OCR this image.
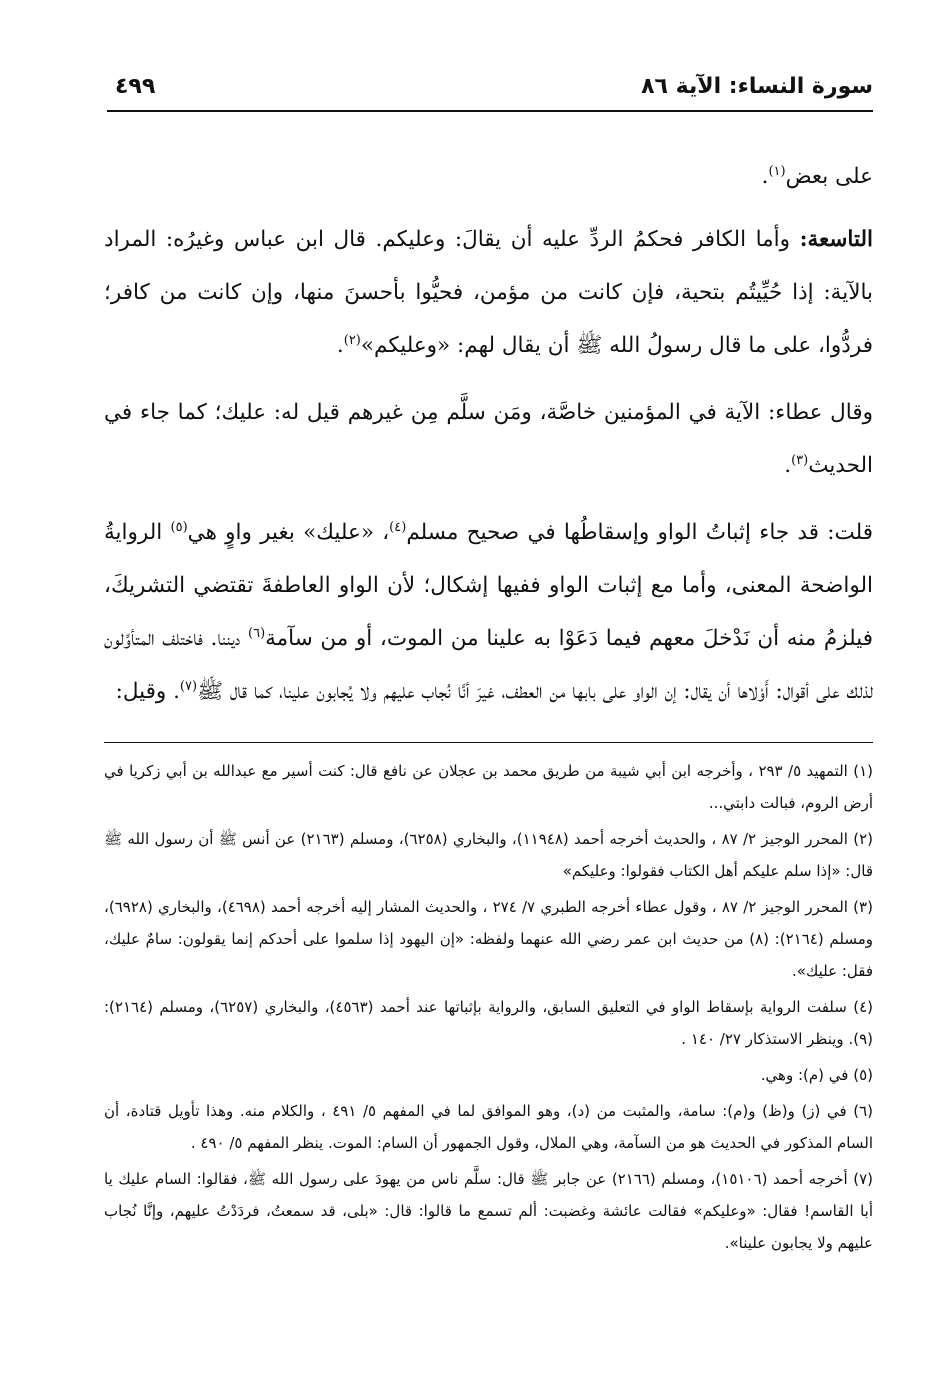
سورة النساء: الآية ٨٦
٤٩٩

على بعض$^{(١)}$.

التاسعة: وأما الكافر فحكمُ الردِّ عليه أن يقالَ: وعليكم. قال ابن عباس وغيرُه: المراد بالآية: إذا حُيِّيتُم بتحية، فإن كانت من مؤمن، فحيُّوا بأحسنَ منها، وإن كانت من كافر؛ فردُّوا، على ما قال رسولُ الله ﷺ أن يقال لهم: «وعليكم»$^{(٢)}$.

وقال عطاء: الآية في المؤمنين خاصَّة، ومَن سلَّم مِن غيرهم قيل له: عليك؛ كما جاء في الحديث$^{(٣)}$.

قلت: قد جاء إثباتُ الواو وإسقاطُها في صحيح مسلم$^{(٤)}$، «عليك» بغير واوٍ هي$^{(٥)}$ الروايةُ الواضحة المعنى، وأما مع إثبات الواو ففيها إشكال؛ لأن الواو العاطفةَ تقتضي التشريكَ، فيلزمُ منه أن نَدْخلَ معهم فيما دَعَوْا به علينا من الموت، أو من سآمة$^{(٦)}$ ديننا. فاختلف المتأوِّلون لذلك على أقوال: أَوْلاها أن يقال: إن الواو على بابها من العطف، غيرَ أنَّا نُجاب عليهم ولا يُجابون علينا، كما قال ﷺ$^{(٧)}$. وقيل:

(١) التمهيد ٥/ ٢٩٣ ، وأخرجه ابن أبي شيبة من طريق محمد بن عجلان عن نافع قال: كنت أسير مع عبدالله بن أبي زكريا في أرض الروم، فبالت دابتي...

(٢) المحرر الوجيز ٢/ ٨٧ ، والحديث أخرجه أحمد (١١٩٤٨)، والبخاري (٦٢٥٨)، ومسلم (٢١٦٣) عن أنس ﷺ أن رسول الله ﷺ قال: «إذا سلم عليكم أهل الكتاب فقولوا: وعليكم»

(٣) المحرر الوجيز ٢/ ٨٧ ، وقول عطاء أخرجه الطبري ٧/ ٢٧٤ ، والحديث المشار إليه أخرجه أحمد (٤٦٩٨)، والبخاري (٦٩٢٨)، ومسلم (٢١٦٤): (٨) من حديث ابن عمر رضي الله عنهما ولفظه: «إن اليهود إذا سلموا على أحدكم إنما يقولون: سامٌ عليك، فقل: عليك».

(٤) سلفت الرواية بإسقاط الواو في التعليق السابق، والرواية بإثباتها عند أحمد (٤٥٦٣)، والبخاري (٦٢٥٧)، ومسلم (٢١٦٤): (٩). وينظر الاستذكار ٢٧/ ١٤٠ .

(٥) في (م): وهي.

(٦) في (ز) و(ظ) و(م): سامة، والمثبت من (د)، وهو الموافق لما في المفهم ٥/ ٤٩١ ، والكلام منه. وهذا تأويل قتادة، أن السام المذكور في الحديث هو من السآمة، وهي الملال، وقول الجمهور أن السام: الموت. ينظر المفهم ٥/ ٤٩٠ .

(٧) أخرجه أحمد (١٥١٠٦)، ومسلم (٢١٦٦) عن جابر ﷺ قال: سلَّم ناس من يهودَ على رسول الله ﷺ، فقالوا: السام عليك يا أبا القاسم! فقال: «وعليكم» فقالت عائشة وغضبت: ألم تسمع ما قالوا: قال: «بلى، قد سمعتُ، فردَدْتُ عليهم، وإنَّا نُجاب عليهم ولا يجابون علينا».
